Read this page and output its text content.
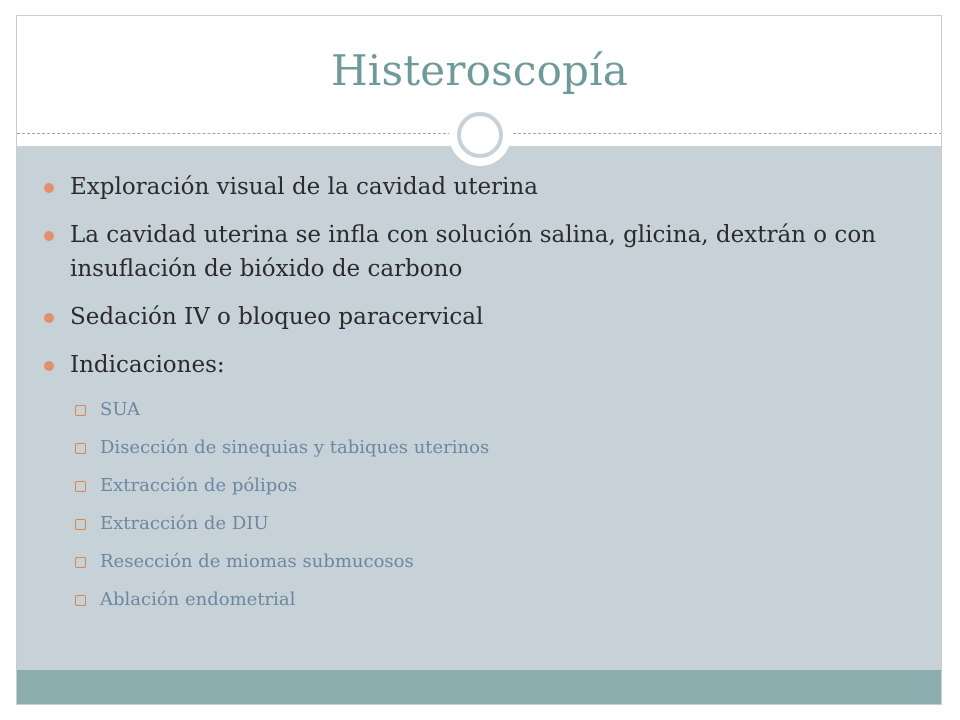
Histeroscopía
Exploración visual de la cavidad uterina
La cavidad uterina se infla con solución salina, glicina, dextrán o con insuflación de bióxido de carbono
Sedación IV o bloqueo paracervical
Indicaciones:
SUA
Disección de sinequias y tabiques uterinos
Extracción de pólipos
Extracción de DIU
Resección de miomas submucosos
Ablación endometrial
